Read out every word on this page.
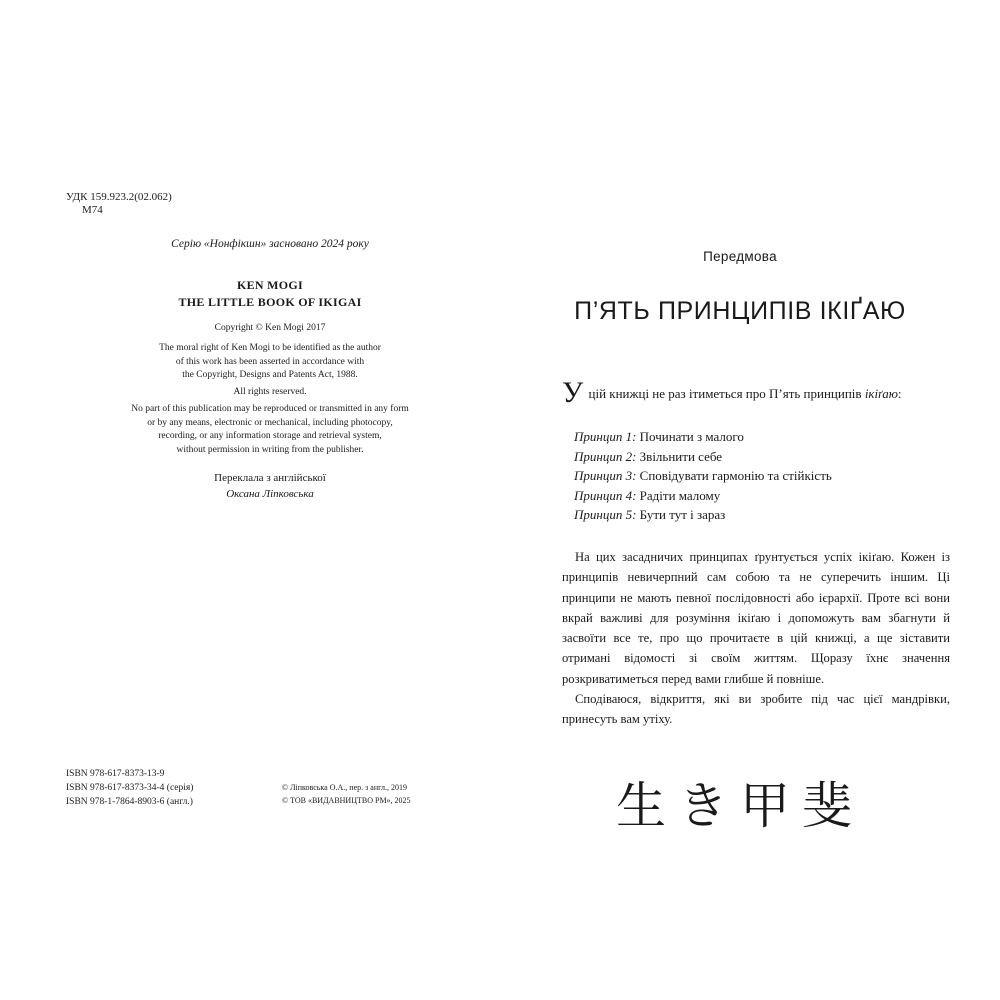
УДК 159.923.2(02.062)
М74
Серію «Нонфікшн» засновано 2024 року
KEN MOGI
THE LITTLE BOOK OF IKIGAI
Copyright © Ken Mogi 2017
The moral right of Ken Mogi to be identified as the author
of this work has been asserted in accordance with
the Copyright, Designs and Patents Act, 1988.
All rights reserved.
No part of this publication may be reproduced or transmitted in any form
or by any means, electronic or mechanical, including photocopy,
recording, or any information storage and retrieval system,
without permission in writing from the publisher.
Переклала з англійської
Оксана Ліпковська
ISBN 978-617-8373-13-9
ISBN 978-617-8373-34-4 (серія)
ISBN 978-1-7864-8903-6 (англ.)
© Ліпковська О.А., пер. з англ., 2019
© ТОВ «ВИДАВНИЦТВО РМ», 2025
Передмова
П’ЯТЬ ПРИНЦИПІВ ІКІҐАЮ
У цій книжці не раз ітиметься про П’ять принципів ікіґаю:
Принцип 1: Починати з малого
Принцип 2: Звільнити себе
Принцип 3: Сповідувати гармонію та стійкість
Принцип 4: Радіти малому
Принцип 5: Бути тут і зараз

На цих засадничих принципах ґрунтується успіх ікіґаю. Кожен із принципів невичерпний сам собою та не суперечить іншим. Ці принципи не мають певної послідовності або ієрархії. Проте всі вони вкрай важливі для розуміння ікіґаю і допоможуть вам збагнути й засвоїти все те, про що прочитаєте в цій книжці, а ще зіставити отримані відомості зі своїм життям. Щоразу їхнє значення розкриватиметься перед вами глибше й повніше.

Сподіваюся, відкриття, які ви зробите під час цієї мандрівки, принесуть вам утіху.

生き甲斐
